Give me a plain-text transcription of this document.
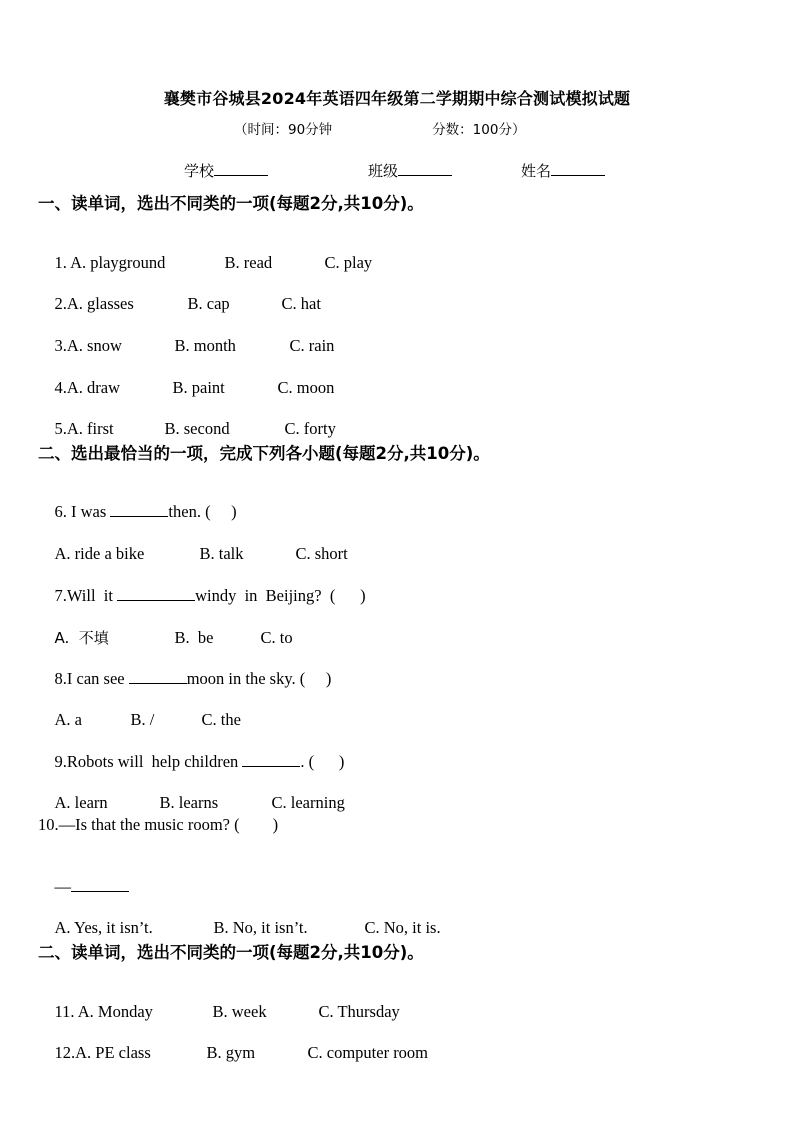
襄樊市谷城县2024年英语四年级第二学期期中综合测试模拟试题
（时间：90分钟	分数：100分）
学校	班级	姓名
一、读单词，选出不同类的一项(每题2分,共10分)。

1. A. playground	B. read	C. play

2.A. glasses	B. cap	C. hat

3.A. snow	B. month	C. rain

4.A. draw	B. paint	C. moon

5.A. first	B. second	C. forty

二、选出最恰当的一项，完成下列各小题(每题2分,共10分)。

6. I was	then. (     )

A. ride a bike	B. talk	C. short

7.Will  it	windy  in  Beijing?  (      )

A.  不填	B.  be	C. to

8.I can see	moon in the sky. (     )

A. a	B. /	C. the

9.Robots will  help children	. (      )

A. learn	B. learns	C. learning

10.—Is that the music room? (        )

—

A. Yes, it isn’t.	B. No, it isn’t.	C. No, it is.

二、读单词，选出不同类的一项(每题2分,共10分)。

11. A. Monday	B. week	C. Thursday

12.A. PE class	B. gym	C. computer room
